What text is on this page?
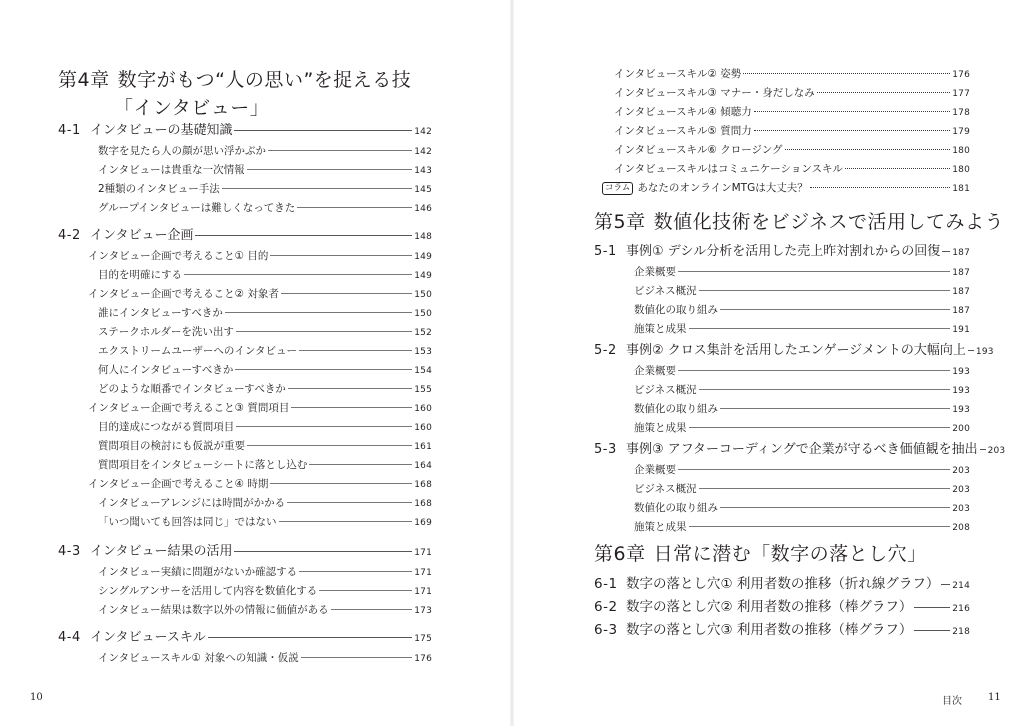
第4章 数字がもつ“人の思い”を捉える技
「インタビュー」
4-1 インタビューの基礎知識	142
数字を見たら人の顔が思い浮かぶか	142
インタビューは貴重な一次情報	143
2種類のインタビュー手法	145
グループインタビューは難しくなってきた	146
4-2 インタビュー企画	148
インタビュー企画で考えること① 目的	149
目的を明確にする	149
インタビュー企画で考えること② 対象者	150
誰にインタビューすべきか	150
ステークホルダーを洗い出す	152
エクストリームユーザーへのインタビュー	153
何人にインタビューすべきか	154
どのような順番でインタビューすべきか	155
インタビュー企画で考えること③ 質問項目	160
目的達成につながる質問項目	160
質問項目の検討にも仮説が重要	161
質問項目をインタビューシートに落とし込む	164
インタビュー企画で考えること④ 時期	168
インタビューアレンジには時間がかかる	168
「いつ聞いても回答は同じ」ではない	169
4-3 インタビュー結果の活用	171
インタビュー実績に問題がないか確認する	171
シングルアンサーを活用して内容を数値化する	171
インタビュー結果は数字以外の情報に価値がある	173
4-4 インタビュースキル	175
インタビュースキル① 対象への知識・仮説	176
10
インタビュースキル② 姿勢	176
インタビュースキル③ マナー・身だしなみ	177
インタビュースキル④ 傾聴力	178
インタビュースキル⑤ 質問力	179
インタビュースキル⑥ クロージング	180
インタビュースキルはコミュニケーションスキル	180
コラム あなたのオンラインMTGは大丈夫？	181
第5章 数値化技術をビジネスで活用してみよう
5-1 事例① デシル分析を活用した売上昨対割れからの回復 187
企業概要	187
ビジネス概況	187
数値化の取り組み	187
施策と成果	191
5-2 事例② クロス集計を活用したエンゲージメントの大幅向上 193
企業概要	193
ビジネス概況	193
数値化の取り組み	193
施策と成果	200
5-3 事例③ アフターコーディングで企業が守るべき価値観を抽出 203
企業概要	203
ビジネス概況	203
数値化の取り組み	203
施策と成果	208
第6章 日常に潜む「数字の落とし穴」
6-1 数字の落とし穴① 利用者数の推移（折れ線グラフ） 214
6-2 数字の落とし穴② 利用者数の推移（棒グラフ）	216
6-3 数字の落とし穴③ 利用者数の推移（棒グラフ）	218
目次	11
